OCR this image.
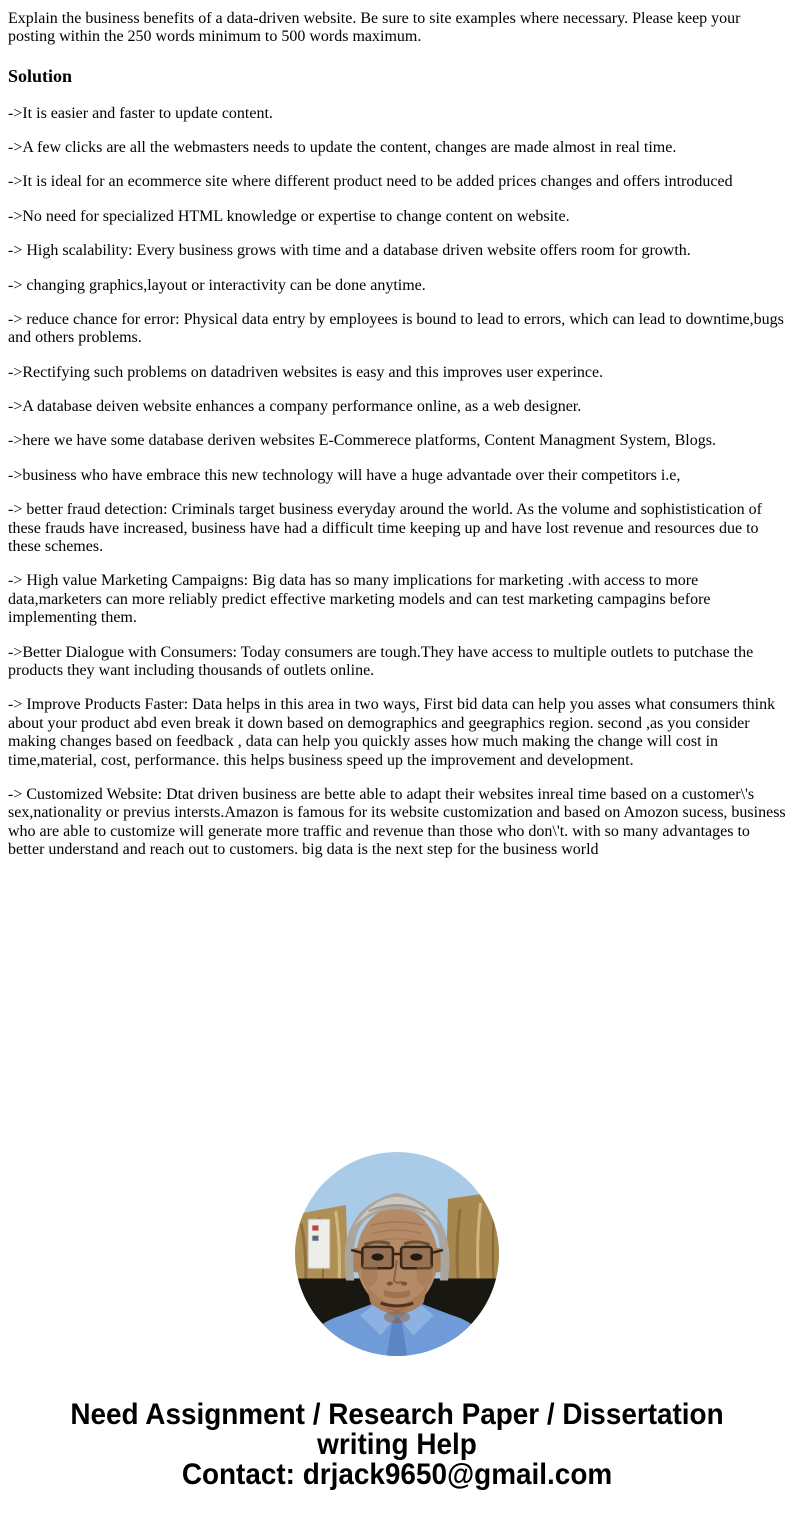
Explain the business benefits of a data-driven website. Be sure to site examples where necessary. Please keep your posting within the 250 words minimum to 500 words maximum.

Solution

->It is easier and faster to update content.

->A few clicks are all the webmasters needs to update the content, changes are made almost in real time.

->It is ideal for an ecommerce site where different product need to be added prices changes and offers introduced

->No need for specialized HTML knowledge or expertise to change content on website.

-> High scalability: Every business grows with time and a database driven website offers room for growth.

-> changing graphics,layout or interactivity can be done anytime.

-> reduce chance for error: Physical data entry by employees is bound to lead to errors, which can lead to downtime,bugs and others problems.

->Rectifying such problems on datadriven websites is easy and this improves user experince.

->A database deiven website enhances a company performance online, as a web designer.

->here we have some database deriven websites E-Commerece platforms, Content Managment System, Blogs.

->business who have embrace this new technology will have a huge advantade over their competitors i.e,

-> better fraud detection: Criminals target business everyday around the world. As the volume and sophististication of these frauds have increased, business have had a difficult time keeping up and have lost revenue and resources due to these schemes.

-> High value Marketing Campaigns: Big data has so many implications for marketing .with access to more data,marketers can more reliably predict effective marketing models and can test marketing campagins before implementing them.

->Better Dialogue with Consumers: Today consumers are tough.They have access to multiple outlets to putchase the products they want including thousands of outlets online.

-> Improve Products Faster: Data helps in this area in two ways, First bid data can help you asses what consumers think about your product abd even break it down based on demographics and geegraphics region. second ,as you consider making changes based on feedback , data can help you quickly asses how much making the change will cost in time,material, cost, performance. this helps business speed up the improvement and development.

-> Customized Website: Dtat driven business are bette able to adapt their websites inreal time based on a customer\'s sex,nationality or previus intersts.Amazon is famous for its website customization and based on Amozon sucess, business who are able to customize will generate more traffic and revenue than those who don\'t. with so many advantages to better understand and reach out to customers. big data is the next step for the business world

Need Assignment / Research Paper / Dissertation writing Help
Contact: drjack9650@gmail.com
